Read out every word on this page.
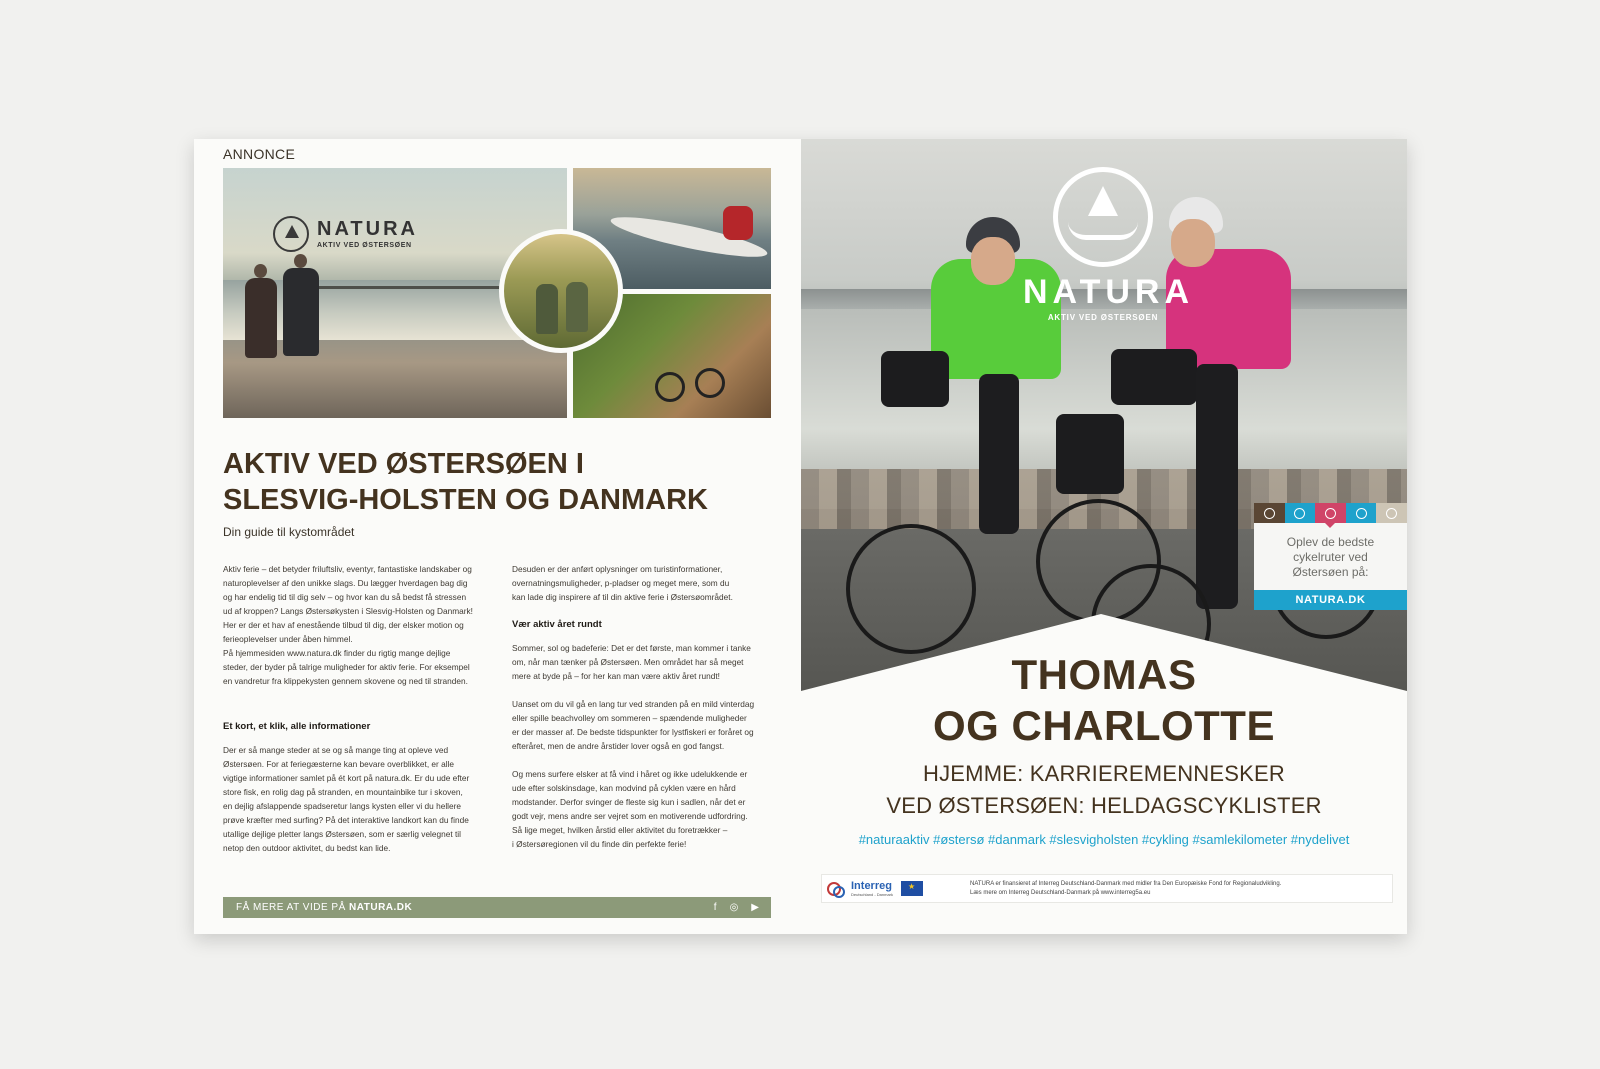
ANNONCE
NATURA
AKTIV VED ØSTERSØEN
AKTIV VED ØSTERSØEN I
SLESVIG-HOLSTEN OG DANMARK
Din guide til kystområdet
Aktiv ferie – det betyder friluftsliv, eventyr, fantastiske landskaber og
naturoplevelser af den unikke slags. Du lægger hverdagen bag dig
og har endelig tid til dig selv – og hvor kan du så bedst få stressen
ud af kroppen? Langs Østersøkysten i Slesvig-Holsten og Danmark!
Her er der et hav af enestående tilbud til dig, der elsker motion og
ferieoplevelser under åben himmel.
På hjemmesiden www.natura.dk finder du rigtig mange dejlige
steder, der byder på talrige muligheder for aktiv ferie. For eksempel
en vandretur fra klippekysten gennem skovene og ned til stranden.
Et kort, et klik, alle informationer
Der er så mange steder at se og så mange ting at opleve ved
Østersøen. For at feriegæsterne kan bevare overblikket, er alle
vigtige informationer samlet på ét kort på natura.dk. Er du ude efter
store fisk, en rolig dag på stranden, en mountainbike tur i skoven,
en dejlig afslappende spadseretur langs kysten eller vi du hellere
prøve kræfter med surfing? På det interaktive landkort kan du finde
utallige dejlige pletter langs Østersøen, som er særlig velegnet til
netop den outdoor aktivitet, du bedst kan lide.
Desuden er der anført oplysninger om turistinformationer,
overnatningsmuligheder, p-pladser og meget mere, som du
kan lade dig inspirere af til din aktive ferie i Østersøområdet.
Vær aktiv året rundt
Sommer, sol og badeferie: Det er det første, man kommer i tanke
om, når man tænker på Østersøen. Men området har så meget
mere at byde på – for her kan man være aktiv året rundt!
Uanset om du vil gå en lang tur ved stranden på en mild vinterdag
eller spille beachvolley om sommeren – spændende muligheder
er der masser af. De bedste tidspunkter for lystfiskeri er foråret og
efteråret, men de andre årstider lover også en god fangst.
Og mens surfere elsker at få vind i håret og ikke udelukkende er
ude efter solskinsdage, kan modvind på cyklen være en hård
modstander. Derfor svinger de fleste sig kun i sadlen, når det er
godt vejr, mens andre ser vejret som en motiverende udfordring.
Så lige meget, hvilken årstid eller aktivitet du foretrækker –
i Østersøregionen vil du finde din perfekte ferie!
FÅ MERE AT VIDE PÅ NATURA.DK	f ◎ ▶
NATURA
AKTIV VED ØSTERSØEN
Oplev de bedste
cykelruter ved
Østersøen på:
NATURA.DK
THOMAS
OG CHARLOTTE
HJEMME: KARRIEREMENNESKER
VED ØSTERSØEN: HELDAGSCYKLISTER
#naturaaktiv #østersø #danmark #slesvigholsten #cykling #samlekilometer #nydelivet
Interreg
Deutschland - Danmark
★
NATURA er finansieret af Interreg Deutschland-Danmark med midler fra Den Europæiske Fond for Regionaludvikling.
Læs mere om Interreg Deutschland-Danmark på www.interreg5a.eu
